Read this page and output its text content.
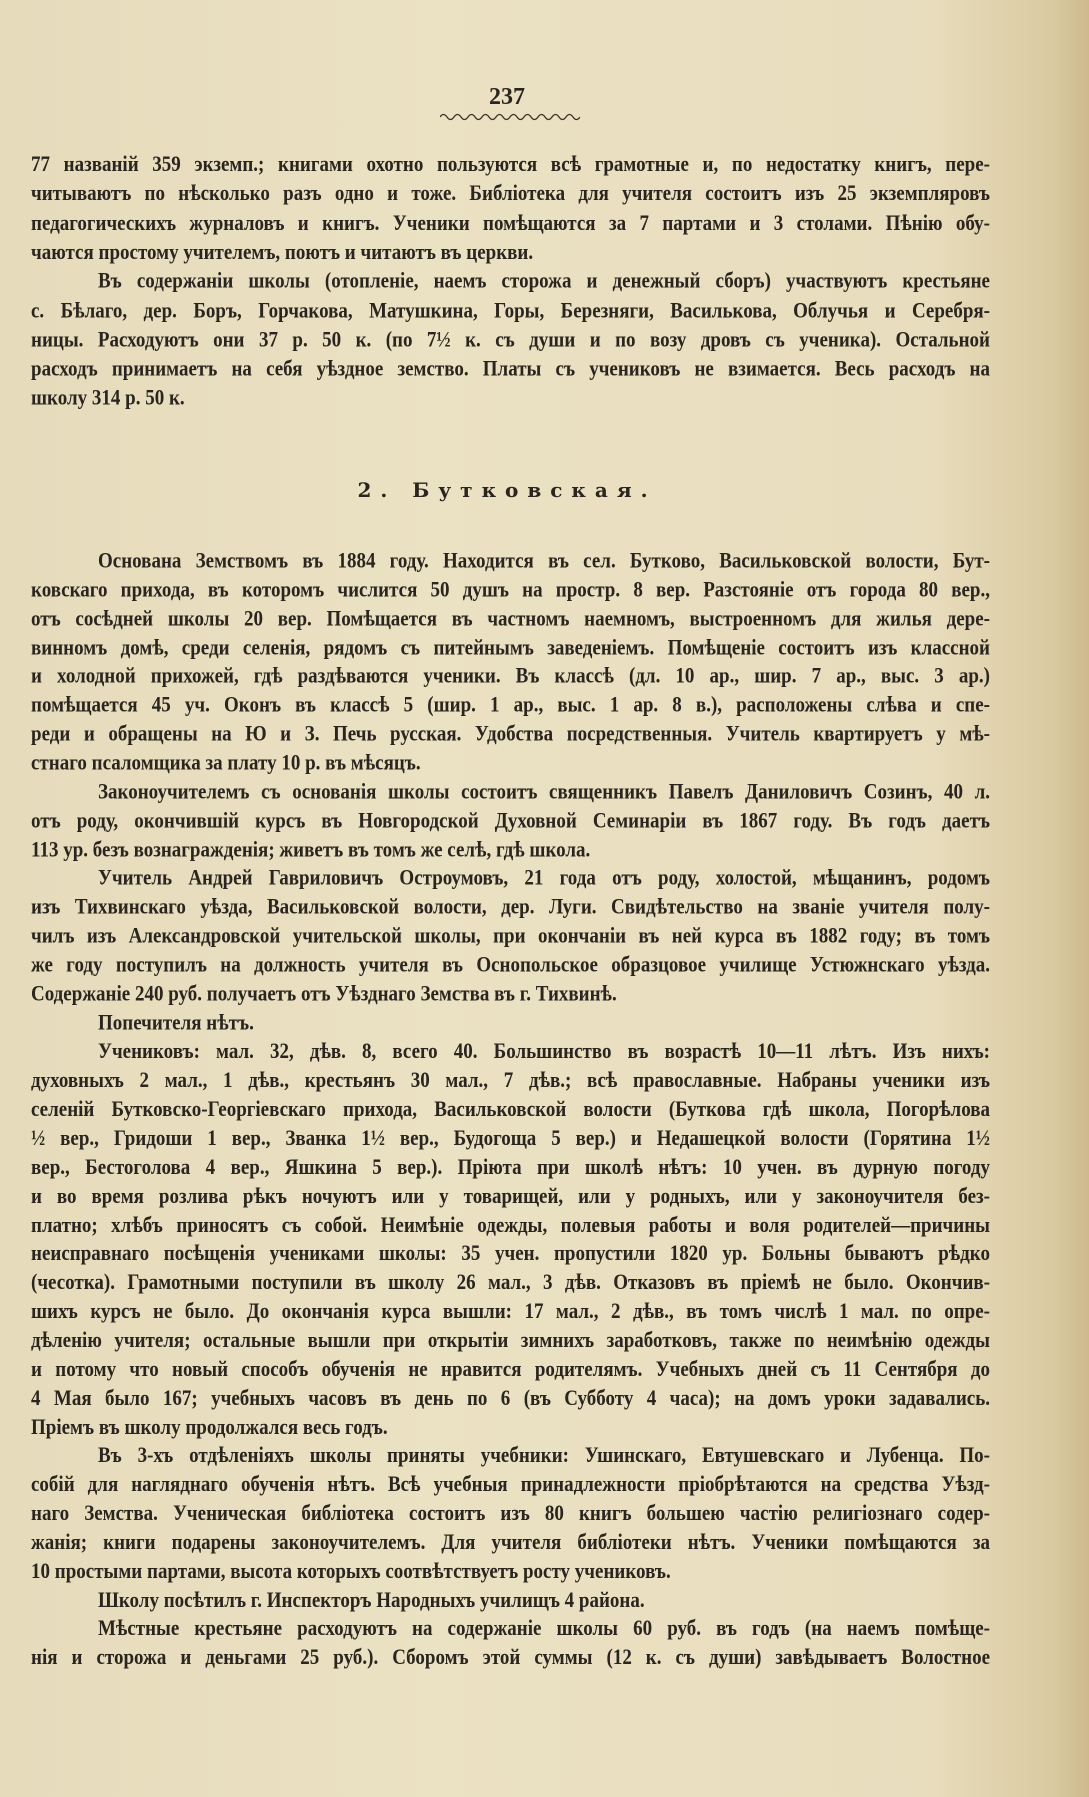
237
2. Бутковская.
77 названій 359 экземп.; книгами охотно пользуются всѣ грамотные и, по недостатку книгъ, пере-
читываютъ по нѣсколько разъ одно и тоже. Библіотека для учителя состоитъ изъ 25 экземпляровъ
педагогическихъ журналовъ и книгъ. Ученики помѣщаются за 7 партами и 3 столами. Пѣнію обу-
чаются простому учителемъ, поютъ и читаютъ въ церкви.
Въ содержаніи школы (отопленіе, наемъ сторожа и денежный сборъ) участвуютъ крестьяне
с. Бѣлаго, дер. Боръ, Горчакова, Матушкина, Горы, Березняги, Василькова, Облучья и Серебря-
ницы. Расходуютъ они 37 р. 50 к. (по 7½ к. съ души и по возу дровъ съ ученика). Остальной
расходъ принимаетъ на себя уѣздное земство. Платы съ учениковъ не взимается. Весь расходъ на
школу 314 р. 50 к.
Основана Земствомъ въ 1884 году. Находится въ сел. Бутково, Васильковской волости, Бут-
ковскаго прихода, въ которомъ числится 50 душъ на простр. 8 вер. Разстояніе отъ города 80 вер.,
отъ сосѣдней школы 20 вер. Помѣщается въ частномъ наемномъ, выстроенномъ для жилья дере-
винномъ домѣ, среди селенія, рядомъ съ питейнымъ заведеніемъ. Помѣщеніе состоитъ изъ классной
и холодной прихожей, гдѣ раздѣваются ученики. Въ классѣ (дл. 10 ар., шир. 7 ар., выс. 3 ар.)
помѣщается 45 уч. Оконъ въ классѣ 5 (шир. 1 ар., выс. 1 ар. 8 в.), расположены слѣва и спе-
реди и обращены на Ю и З. Печь русская. Удобства посредственныя. Учитель квартируетъ у мѣ-
стнаго псаломщика за плату 10 р. въ мѣсяцъ.
Законоучителемъ съ основанія школы состоитъ священникъ Павелъ Даниловичъ Созинъ, 40 л.
отъ роду, окончившій курсъ въ Новгородской Духовной Семинаріи въ 1867 году. Въ годъ даетъ
113 ур. безъ вознагражденія; живетъ въ томъ же селѣ, гдѣ школа.
Учитель Андрей Гавриловичъ Остроумовъ, 21 года отъ роду, холостой, мѣщанинъ, родомъ
изъ Тихвинскаго уѣзда, Васильковской волости, дер. Луги. Свидѣтельство на званіе учителя полу-
чилъ изъ Александровской учительской школы, при окончаніи въ ней курса въ 1882 году; въ томъ
же году поступилъ на должность учителя въ Оснопольское образцовое училище Устюжнскаго уѣзда.
Содержаніе 240 руб. получаетъ отъ Уѣзднаго Земства въ г. Тихвинѣ.
Попечителя нѣтъ.
Учениковъ: мал. 32, дѣв. 8, всего 40. Большинство въ возрастѣ 10—11 лѣтъ. Изъ нихъ:
духовныхъ 2 мал., 1 дѣв., крестьянъ 30 мал., 7 дѣв.; всѣ православные. Набраны ученики изъ
селеній Бутковско-Георгіевскаго прихода, Васильковской волости (Буткова гдѣ школа, Погорѣлова
½ вер., Гридоши 1 вер., Званка 1½ вер., Будогоща 5 вер.) и Недашецкой волости (Горятина 1½
вер., Бестоголова 4 вер., Яшкина 5 вер.). Пріюта при школѣ нѣтъ: 10 учен. въ дурную погоду
и во время розлива рѣкъ ночуютъ или у товарищей, или у родныхъ, или у законоучителя без-
платно; хлѣбъ приносятъ съ собой. Неимѣніе одежды, полевыя работы и воля родителей—причины
неисправнаго посѣщенія учениками школы: 35 учен. пропустили 1820 ур. Больны бываютъ рѣдко
(чесотка). Грамотными поступили въ школу 26 мал., 3 дѣв. Отказовъ въ пріемѣ не было. Окончив-
шихъ курсъ не было. До окончанія курса вышли: 17 мал., 2 дѣв., въ томъ числѣ 1 мал. по опре-
дѣленію учителя; остальные вышли при открытіи зимнихъ заработковъ, также по неимѣнію одежды
и потому что новый способъ обученія не нравится родителямъ. Учебныхъ дней съ 11 Сентября до
4 Мая было 167; учебныхъ часовъ въ день по 6 (въ Субботу 4 часа); на домъ уроки задавались.
Пріемъ въ школу продолжался весь годъ.
Въ 3-хъ отдѣленіяхъ школы приняты учебники: Ушинскаго, Евтушевскаго и Лубенца. По-
собій для нагляднаго обученія нѣтъ. Всѣ учебныя принадлежности пріобрѣтаются на средства Уѣзд-
наго Земства. Ученическая библіотека состоитъ изъ 80 книгъ большею частію религіознаго содер-
жанія; книги подарены законоучителемъ. Для учителя библіотеки нѣтъ. Ученики помѣщаются за
10 простыми партами, высота которыхъ соотвѣтствуетъ росту учениковъ.
Школу посѣтилъ г. Инспекторъ Народныхъ училищъ 4 района.
Мѣстные крестьяне расходуютъ на содержаніе школы 60 руб. въ годъ (на наемъ помѣще-
нія и сторожа и деньгами 25 руб.). Сборомъ этой суммы (12 к. съ души) завѣдываетъ Волостное
